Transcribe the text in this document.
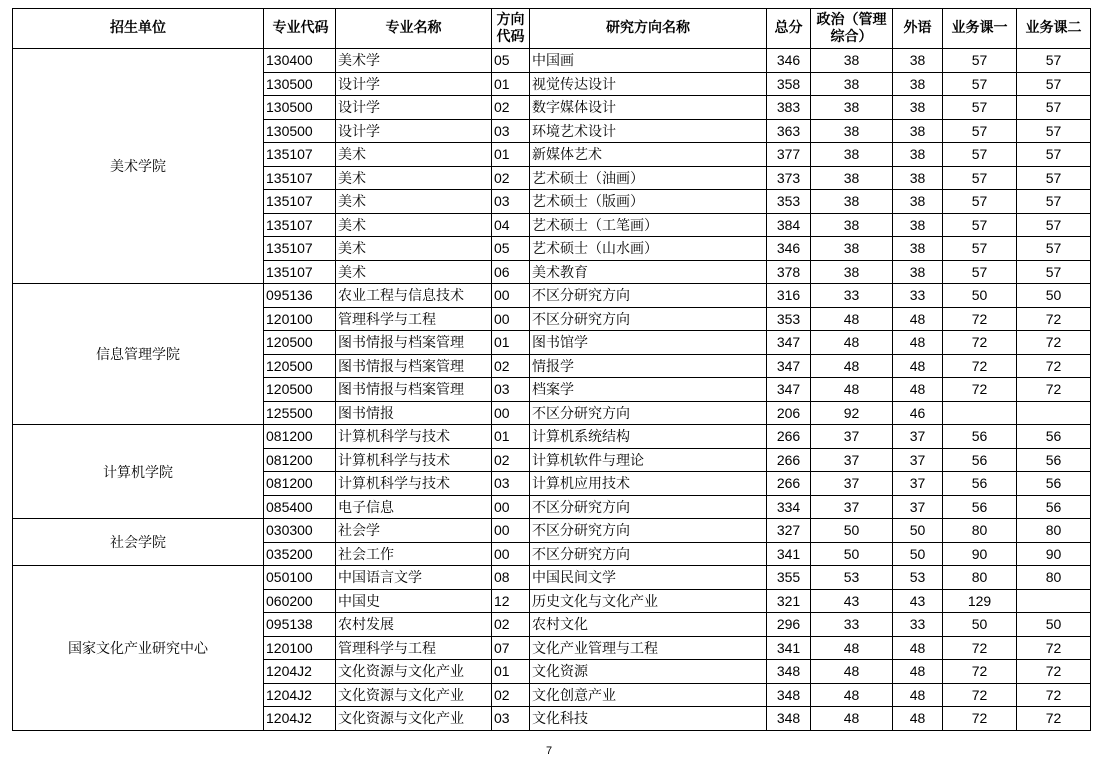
招生单位	专业代码	专业名称	方向代码	研究方向名称	总分	政治（管理综合）	外语	业务课一	业务课二
美术学院	130400	美术学	05	中国画	346	38	38	57	57
	130500	设计学	01	视觉传达设计	358	38	38	57	57
	130500	设计学	02	数字媒体设计	383	38	38	57	57
	130500	设计学	03	环境艺术设计	363	38	38	57	57
	135107	美术	01	新媒体艺术	377	38	38	57	57
	135107	美术	02	艺术硕士（油画）	373	38	38	57	57
	135107	美术	03	艺术硕士（版画）	353	38	38	57	57
	135107	美术	04	艺术硕士（工笔画）	384	38	38	57	57
	135107	美术	05	艺术硕士（山水画）	346	38	38	57	57
	135107	美术	06	美术教育	378	38	38	57	57
信息管理学院	095136	农业工程与信息技术	00	不区分研究方向	316	33	33	50	50
	120100	管理科学与工程	00	不区分研究方向	353	48	48	72	72
	120500	图书情报与档案管理	01	图书馆学	347	48	48	72	72
	120500	图书情报与档案管理	02	情报学	347	48	48	72	72
	120500	图书情报与档案管理	03	档案学	347	48	48	72	72
	125500	图书情报	00	不区分研究方向	206	92	46		
计算机学院	081200	计算机科学与技术	01	计算机系统结构	266	37	37	56	56
	081200	计算机科学与技术	02	计算机软件与理论	266	37	37	56	56
	081200	计算机科学与技术	03	计算机应用技术	266	37	37	56	56
	085400	电子信息	00	不区分研究方向	334	37	37	56	56
社会学院	030300	社会学	00	不区分研究方向	327	50	50	80	80
	035200	社会工作	00	不区分研究方向	341	50	50	90	90
国家文化产业研究中心	050100	中国语言文学	08	中国民间文学	355	53	53	80	80
	060200	中国史	12	历史文化与文化产业	321	43	43	129	
	095138	农村发展	02	农村文化	296	33	33	50	50
	120100	管理科学与工程	07	文化产业管理与工程	341	48	48	72	72
	1204J2	文化资源与文化产业	01	文化资源	348	48	48	72	72
	1204J2	文化资源与文化产业	02	文化创意产业	348	48	48	72	72
	1204J2	文化资源与文化产业	03	文化科技	348	48	48	72	72
7
